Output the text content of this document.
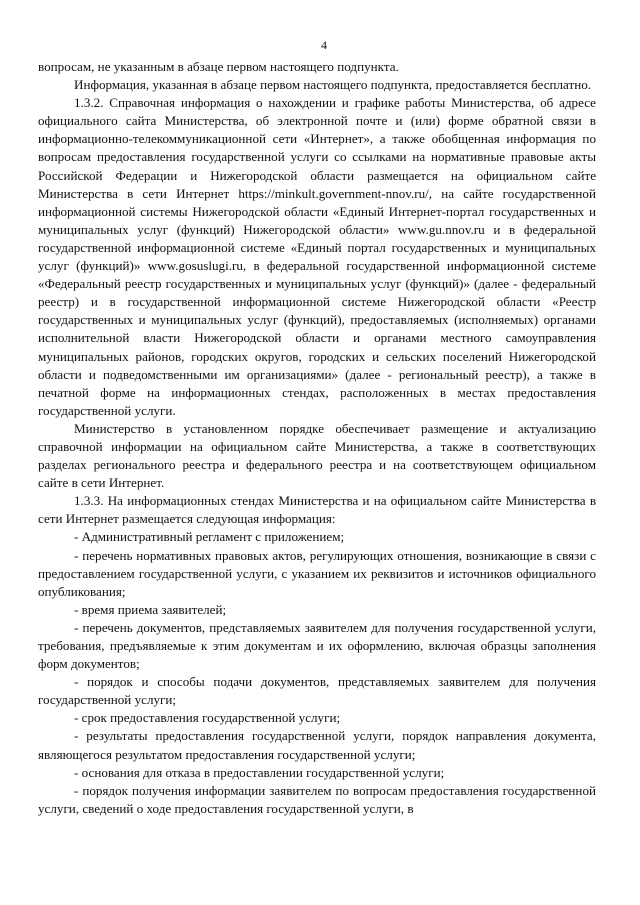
4

вопросам, не указанным в абзаце первом настоящего подпункта.

Информация, указанная в абзаце первом настоящего подпункта, предоставляется бесплатно.

1.3.2. Справочная информация о нахождении и графике работы Министерства, об адресе официального сайта Министерства, об электронной почте и (или) форме обратной связи в информационно-телекоммуникационной сети «Интернет», а также обобщенная информация по вопросам предоставления государственной услуги со ссылками на нормативные правовые акты Российской Федерации и Нижегородской области размещается на официальном сайте Министерства в сети Интернет https://minkult.government-nnov.ru/, на сайте государственной информационной системы Нижегородской области «Единый Интернет-портал государственных и муниципальных услуг (функций) Нижегородской области» www.gu.nnov.ru и в федеральной государственной информационной системе «Единый портал государственных и муниципальных услуг (функций)» www.gosuslugi.ru, в федеральной государственной информационной системе «Федеральный реестр государственных и муниципальных услуг (функций)» (далее - федеральный реестр) и в государственной информационной системе Нижегородской области «Реестр государственных и муниципальных услуг (функций), предоставляемых (исполняемых) органами исполнительной власти Нижегородской области и органами местного самоуправления муниципальных районов, городских округов, городских и сельских поселений Нижегородской области и подведомственными им организациями» (далее - региональный реестр), а также в печатной форме на информационных стендах, расположенных в местах предоставления государственной услуги.

Министерство в установленном порядке обеспечивает размещение и актуализацию справочной информации на официальном сайте Министерства, а также в соответствующих разделах регионального реестра и федерального реестра и на соответствующем официальном сайте в сети Интернет.

1.3.3. На информационных стендах Министерства и на официальном сайте Министерства в сети Интернет размещается следующая информация:

- Административный регламент с приложением;

- перечень нормативных правовых актов, регулирующих отношения, возникающие в связи с предоставлением государственной услуги, с указанием их реквизитов и источников официального опубликования;

- время приема заявителей;

- перечень документов, представляемых заявителем для получения государственной услуги, требования, предъявляемые к этим документам и их оформлению, включая образцы заполнения форм документов;

- порядок и способы подачи документов, представляемых заявителем для получения государственной услуги;

- срок предоставления государственной услуги;

- результаты предоставления государственной услуги, порядок направления документа, являющегося результатом предоставления государственной услуги;

- основания для отказа в предоставлении государственной услуги;

- порядок получения информации заявителем по вопросам предоставления государственной услуги, сведений о ходе предоставления государственной услуги, в
